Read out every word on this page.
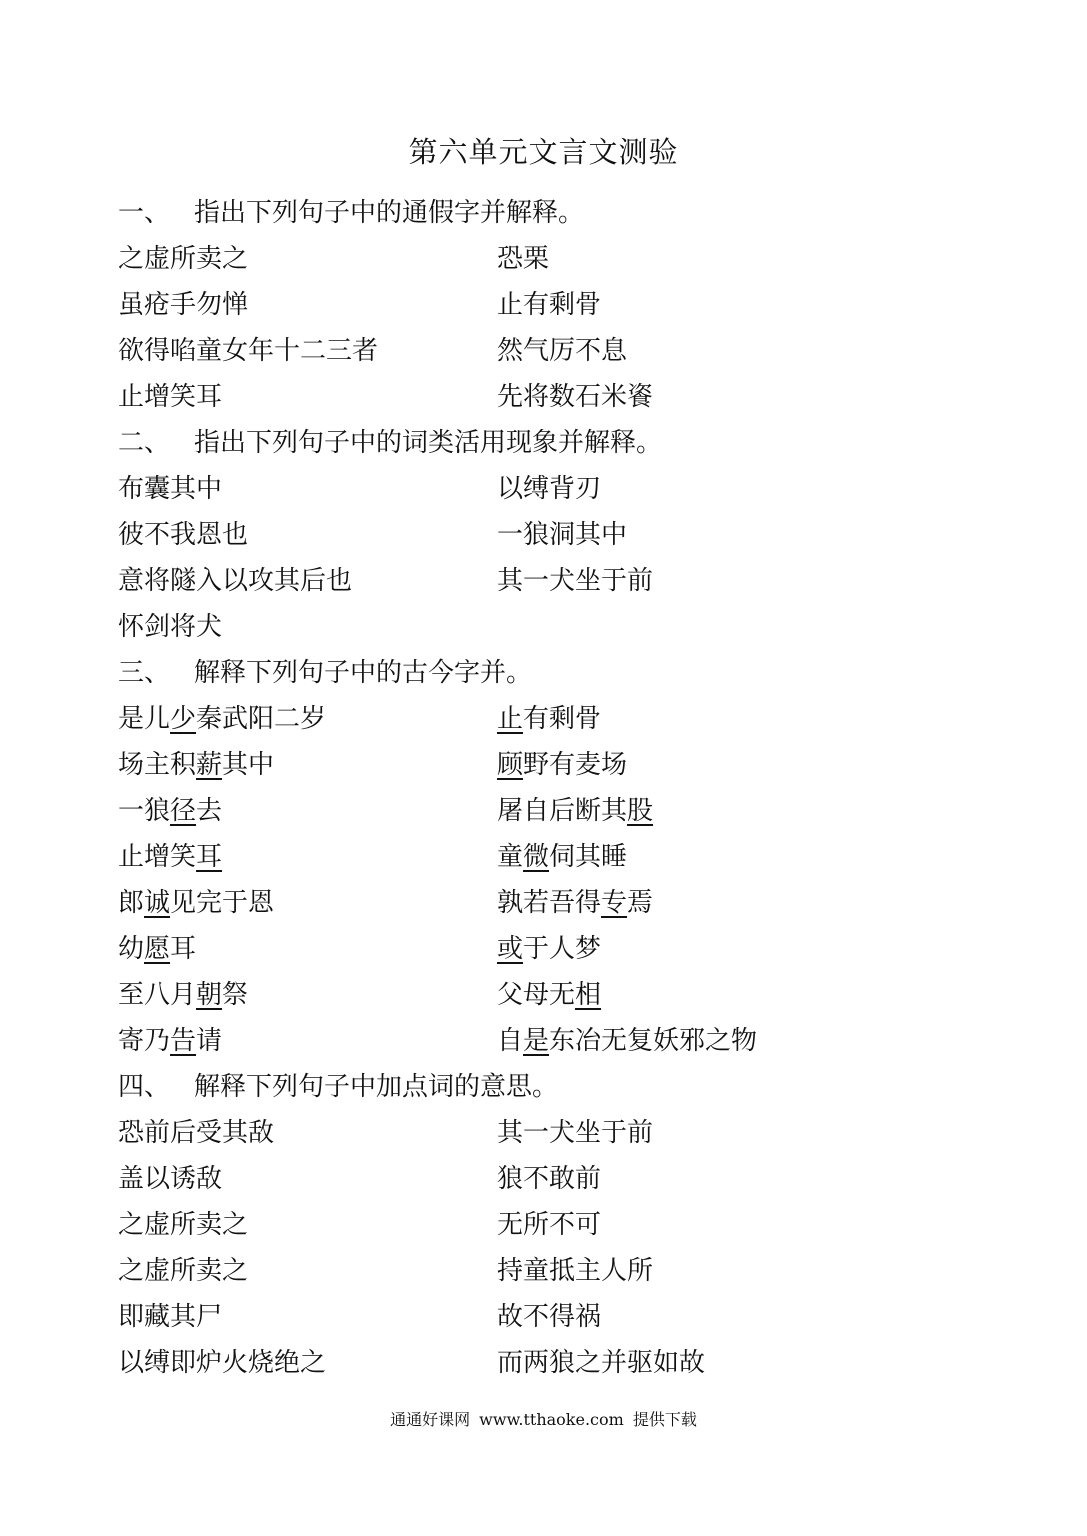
第六单元文言文测验
一、 指出下列句子中的通假字并解释。
之虚所卖之	恐栗
虽疮手勿惮	止有剩骨
欲得啗童女年十二三者	然气厉不息
止增笑耳	先将数石米餈
二、 指出下列句子中的词类活用现象并解释。
布囊其中	以缚背刃
彼不我恩也	一狼洞其中
意将隧入以攻其后也	其一犬坐于前
怀剑将犬
三、 解释下列句子中的古今字并。
是儿少秦武阳二岁	止有剩骨
场主积薪其中	顾野有麦场
一狼径去	屠自后断其股
止增笑耳	童微伺其睡
郎诚见完于恩	孰若吾得专焉
幼愿耳	或于人梦
至八月朝祭	父母无相
寄乃告请	自是东冶无复妖邪之物
四、 解释下列句子中加点词的意思。
恐前后受其敌	其一犬坐于前
盖以诱敌	狼不敢前
之虚所卖之	无所不可
之虚所卖之	持童抵主人所
即藏其尸	故不得祸
以缚即炉火烧绝之	而两狼之并驱如故
通通好课网 www.tthaoke.com 提供下载
